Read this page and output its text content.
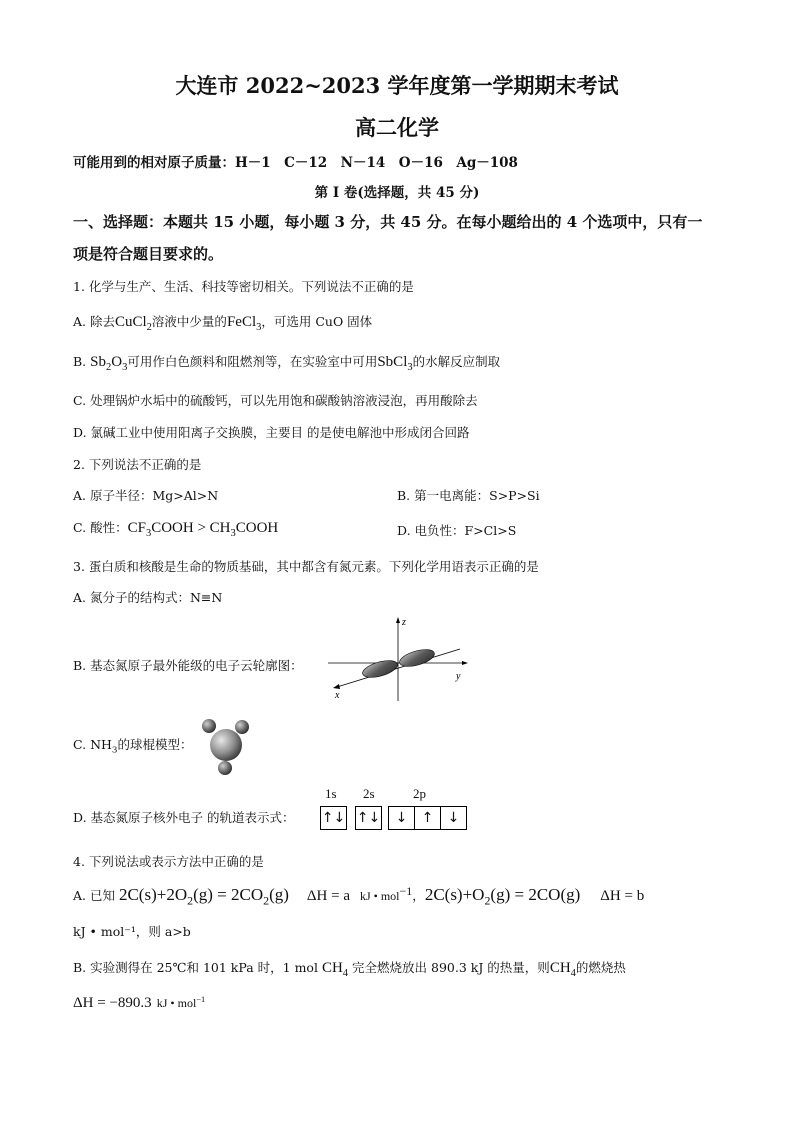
大连市 2022~2023 学年度第一学期期末考试
高二化学
可能用到的相对原子质量：H－1　C－12　N－14　O－16　Ag－108
第 I 卷(选择题，共 45 分)
一、选择题：本题共 15 小题，每小题 3 分，共 45 分。在每小题给出的 4 个选项中，只有一
项是符合题目要求的。
1. 化学与生产、生活、科技等密切相关。下列说法不正确的是
A. 除去CuCl$_2$溶液中少量的FeCl$_3$，可选用 CuO 固体
B. $Sb_2O_3$可用作白色颜料和阻燃剂等，在实验室中可用SbCl$_3$的水解反应制取
C. 处理锅炉水垢中的硫酸钙，可以先用饱和碳酸钠溶液浸泡，再用酸除去
D. 氯碱工业中使用阳离子交换膜，主要目 的是使电解池中形成闭合回路
2. 下列说法不正确的是
A. 原子半径：Mg>Al>N	B. 第一电离能：S>P>Si
C. 酸性：$CF_3COOH$ > $CH_3COOH$	D. 电负性：F>Cl>S
3. 蛋白质和核酸是生命的物质基础，其中都含有氮元素。下列化学用语表示正确的是
A. 氮分子的结构式：N≡N
B. 基态氮原子最外能级的电子云轮廓图：
z
y
x
C. $NH_3$的球棍模型：
D. 基态氮原子核外电子 的轨道表示式：
1s 2s	2p
↑↓ ↑↓	↓ ↑ ↓
4. 下列说法或表示方法中正确的是
A. 已知 $2C(s)+2O_2(g) = 2CO_2(g) \Delta H = a$ kJ • mol$^{-1}$，$2C(s)+O_2(g) = 2CO(g) \Delta H = b$
kJ • mol⁻¹，则 a>b
B. 实验测得在 25℃和 101 kPa 时，1 mol $CH_4$ 完全燃烧放出 890.3 kJ 的热量，则$CH_4$的燃烧热
ΔH = −890.3 kJ • mol$^{-1}$
